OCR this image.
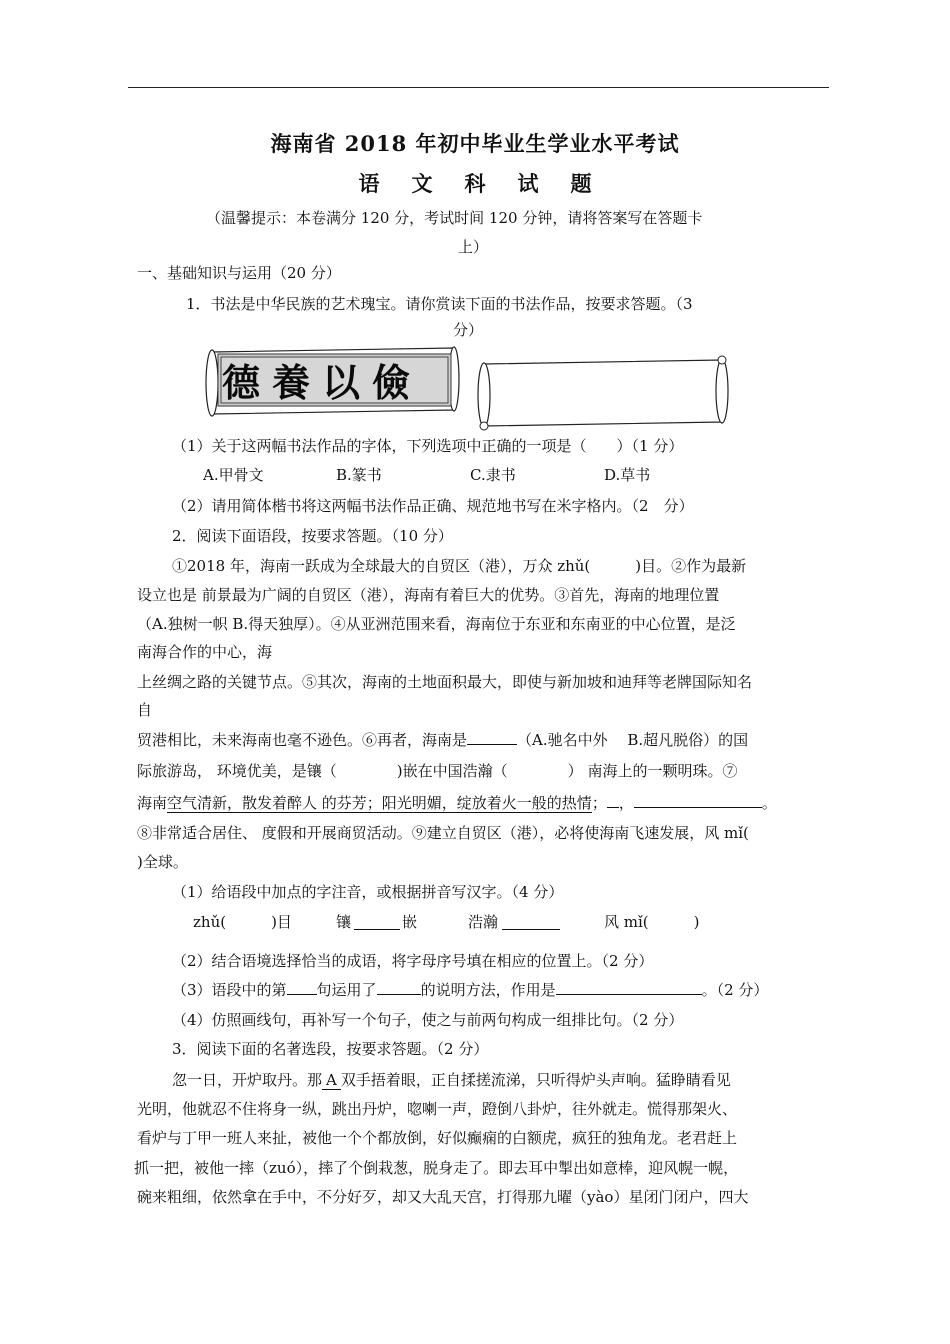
海南省 2018 年初中毕业生学业水平考试
语 文 科 试 题
（温馨提示：本卷满分 120 分，考试时间 120 分钟，请将答案写在答题卡
上）
一、基础知识与运用（20 分）
1．书法是中华民族的艺术瑰宝。请你赏读下面的书法作品，按要求答题。（3
分）
德養以儉
（1）关于这两幅书法作品的字体，下列选项中正确的一项是（　　）（1 分）
A.甲骨文	B.篆书	C.隶书	D.草书
（2）请用简体楷书将这两幅书法作品正确、规范地书写在米字格内。（2　分）
2．阅读下面语段，按要求答题。（10 分）
①2018 年，海南一跃成为全球最大的自贸区（港），万众 zhǔ(　　　)目。②作为最新
设立也是 前景最为广阔的自贸区（港），海南有着巨大的优势。③首先，海南的地理位置
（A.独树一帜 B.得天独厚）。④从亚洲范围来看，海南位于东亚和东南亚的中心位置，是泛
南海合作的中心，海
上丝绸之路的关键节点。⑤其次，海南的土地面积最大，即使与新加坡和迪拜等老牌国际知名
自
贸港相比，未来海南也毫不逊色。⑥再者，海南是	（A.驰名中外　 B.超凡脱俗）的国
际旅游岛， 环境优美，是镶（　　　　)嵌在中国浩瀚（　　　　） 南海上的一颗明珠。⑦
海南空气清新，散发着醉人 的芬芳；阳光明媚，绽放着火一般的热情； ，	。
⑧非常适合居住、 度假和开展商贸活动。⑨建立自贸区（港），必将使海南飞速发展，风 mǐ(
)全球。
（1）给语段中加点的字注音，或根据拼音写汉字。（4 分）
zhǔ(　　　)目	镶	嵌	浩瀚	风 mǐ(　　　)
（2）结合语境选择恰当的成语，将字母序号填在相应的位置上。（2 分）
（3）语段中的第 句运用了	的说明方法，作用是	。（2 分）
（4）仿照画线句，再补写一个句子，使之与前两句构成一组排比句。（2 分）
3．阅读下面的名著选段，按要求答题。（2 分）
忽一日，开炉取丹。那 A 双手捂着眼，正自揉搓流涕，只听得炉头声响。猛睁睛看见
光明，他就忍不住将身一纵，跳出丹炉，唿喇一声，蹬倒八卦炉，往外就走。慌得那架火、
看炉与丁甲一班人来扯，被他一个个都放倒，好似癫痫的白额虎，疯狂的独角龙。老君赶上
抓一把，被他一摔（zuó），摔了个倒栽葱，脱身走了。即去耳中掣出如意棒，迎风幌一幌，
碗来粗细，依然拿在手中，不分好歹，却又大乱天宫，打得那九曜（yào）星闭门闭户，四大
